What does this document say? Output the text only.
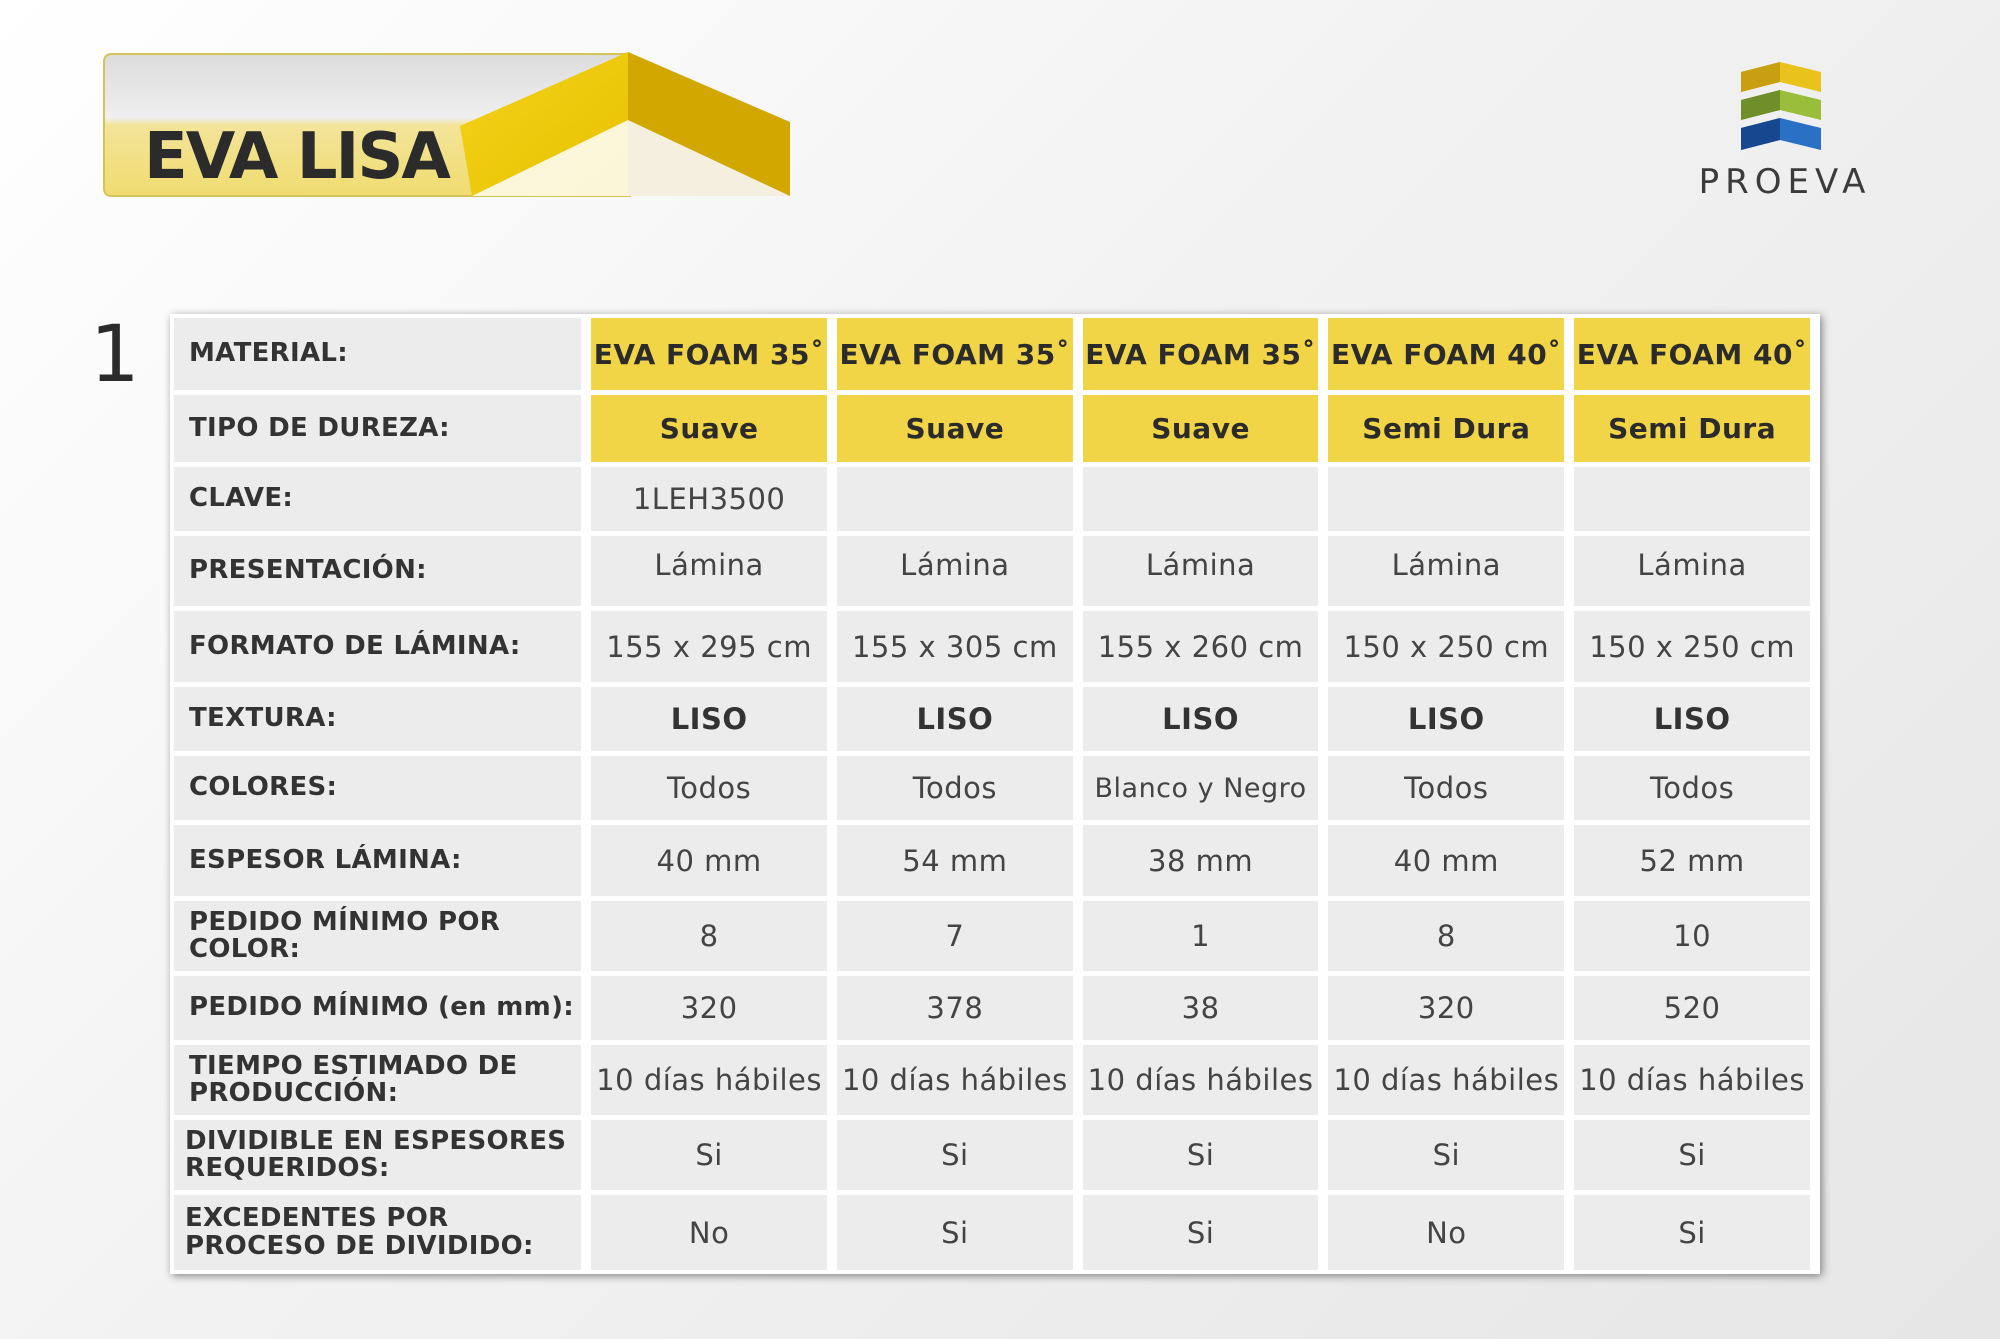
EVA LISA	PROEVA
1 MATERIAL:	EVA FOAM 35˚	EVA FOAM 35˚	EVA FOAM 35˚	EVA FOAM 40˚	EVA FOAM 40˚
TIPO DE DUREZA:	Suave	Suave	Suave	Semi Dura	Semi Dura
CLAVE:	1LEH3500				
PRESENTACIÓN:	Lámina	Lámina	Lámina	Lámina	Lámina
FORMATO DE LÁMINA:	155 x 295 cm	155 x 305 cm	155 x 260 cm	150 x 250 cm	150 x 250 cm
TEXTURA:	LISO	LISO	LISO	LISO	LISO
COLORES:	Todos	Todos	Blanco y Negro	Todos	Todos
ESPESOR LÁMINA:	40 mm	54 mm	38 mm	40 mm	52 mm
PEDIDO MÍNIMO POR COLOR:	8	7	1	8	10
PEDIDO MÍNIMO (en mm):	320	378	38	320	520
TIEMPO ESTIMADO DE PRODUCCIÓN:	10 días hábiles	10 días hábiles	10 días hábiles	10 días hábiles	10 días hábiles
DIVIDIBLE EN ESPESORES REQUERIDOS:	Si	Si	Si	Si	Si
EXCEDENTES POR PROCESO DE DIVIDIDO:	No	Si	Si	No	Si
